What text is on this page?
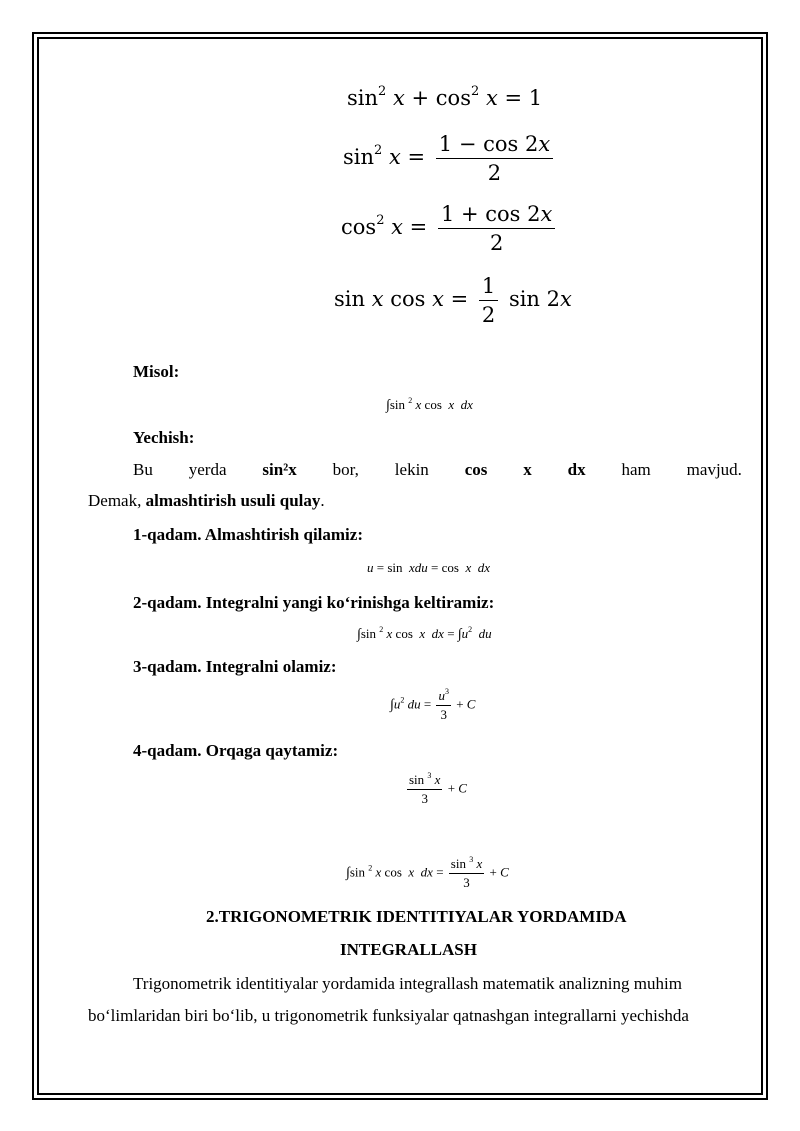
$\sin^2 x + \cos^2 x = 1$
$\sin^2 x = \frac{1 - \cos 2x}{2}$
$\cos^2 x = \frac{1 + \cos 2x}{2}$
sin x $\cos x = \frac{1}{2}$ sin 2x
Misol:
∫sin $^2$ x cos  x dx
Yechish:
Bu yerda sin²x bor, lekin cos x dx ham mavjud.
Demak, almashtirish usuli qulay.
1-qadam. Almashtirish qilamiz:
u = sin  xdu = cos  x dx
2-qadam. Integralni yangi ko‘rinishga keltiramiz:
∫sin $^2$ x cos  x dx = $\int u^2$ du
3-qadam. Integralni olamiz:
$\int u^2$ du = $\frac{u^3}{3} + C$
4-qadam. Orqaga qaytamiz:
$\frac{\sin ^3 x}{3} + C$
∫sin $^2$ x cos  x dx = $\frac{\sin ^3 x}{3} + C$
2.TRIGONOMETRIK IDENTITIYALAR YORDAMIDA
INTEGRALLASH
Trigonometrik identitiyalar yordamida integrallash matematik analizning muhim
bo‘limlaridan biri bo‘lib, u trigonometrik funksiyalar qatnashgan integrallarni yechishda
